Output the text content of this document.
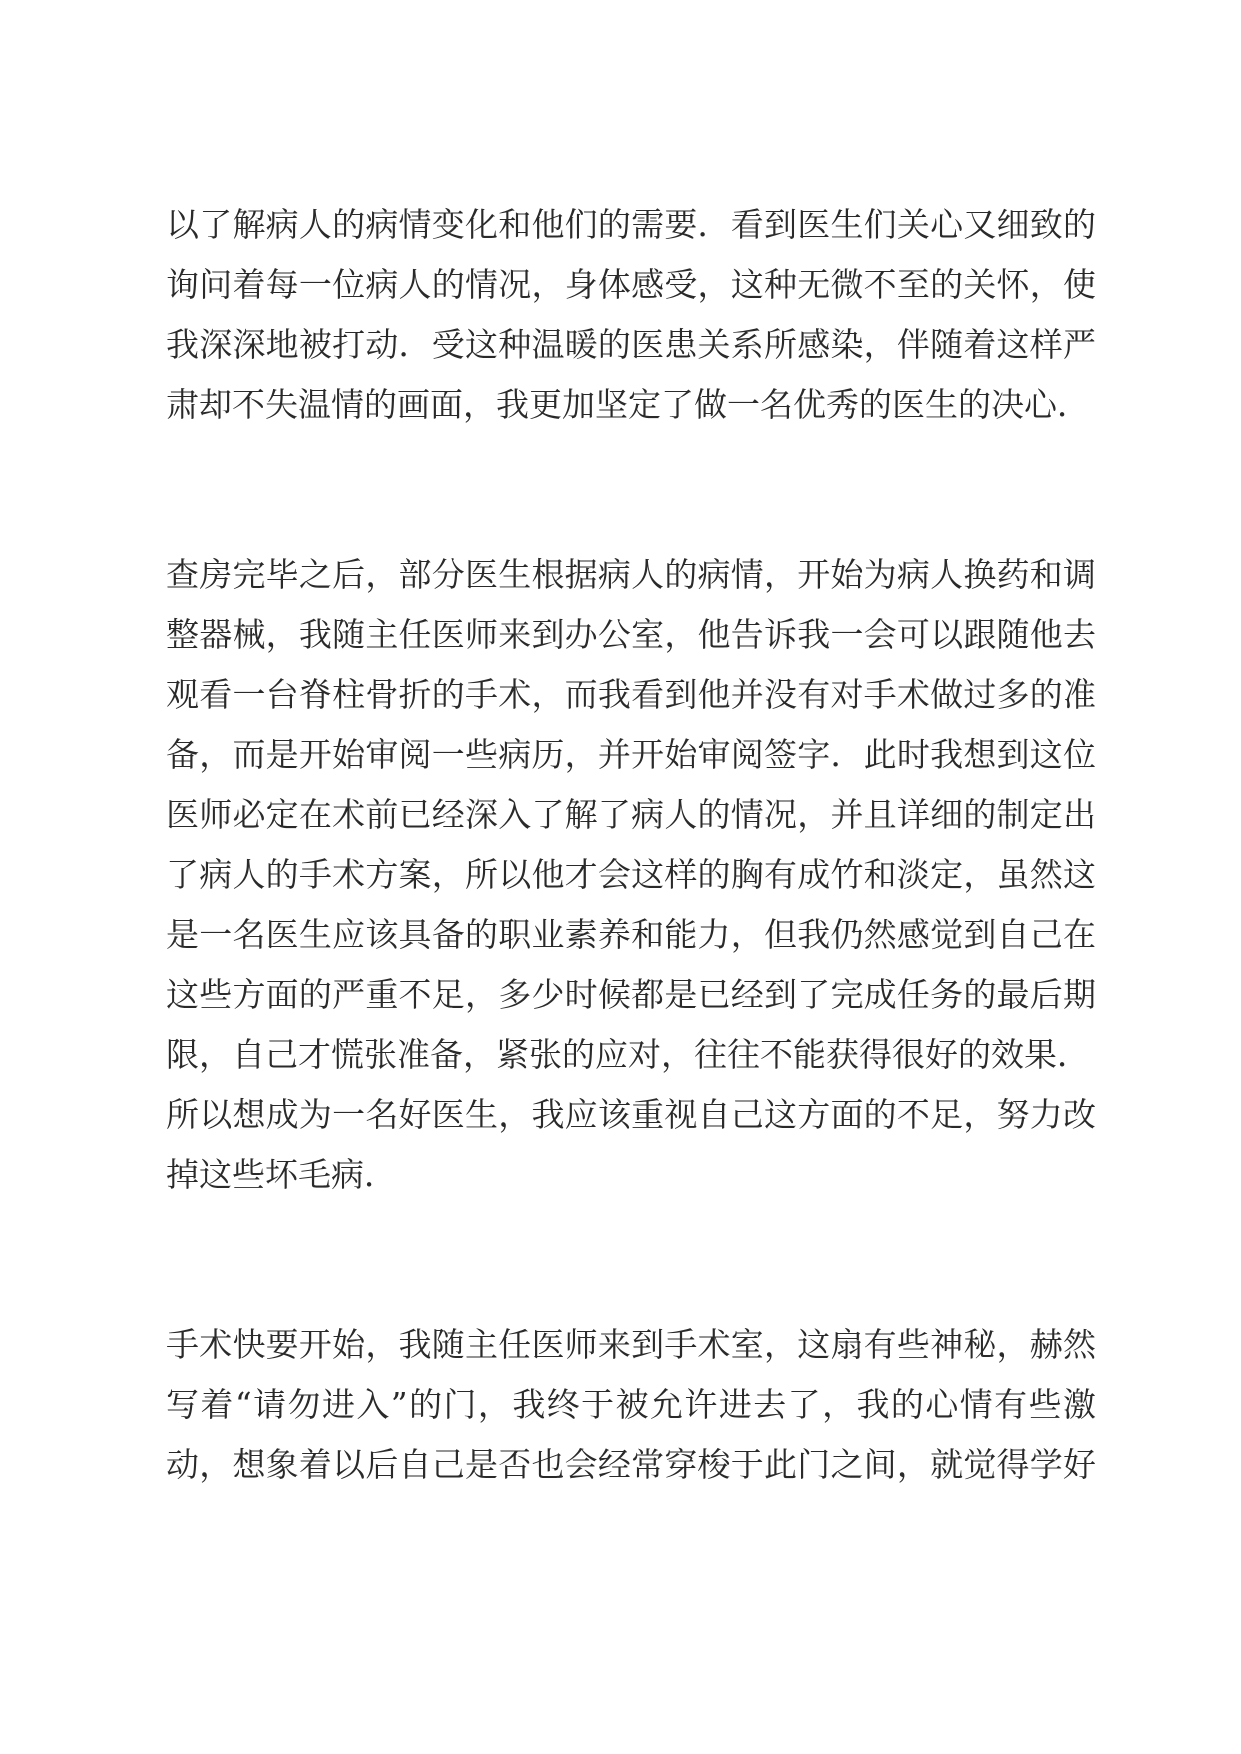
以了解病人的病情变化和他们的需要．看到医生们关心又细致的
询问着每一位病人的情况，身体感受，这种无微不至的关怀，使
我深深地被打动．受这种温暖的医患关系所感染，伴随着这样严
肃却不失温情的画面，我更加坚定了做一名优秀的医生的决心．
查房完毕之后，部分医生根据病人的病情，开始为病人换药和调
整器械，我随主任医师来到办公室，他告诉我一会可以跟随他去
观看一台脊柱骨折的手术，而我看到他并没有对手术做过多的准
备，而是开始审阅一些病历，并开始审阅签字．此时我想到这位
医师必定在术前已经深入了解了病人的情况，并且详细的制定出
了病人的手术方案，所以他才会这样的胸有成竹和淡定，虽然这
是一名医生应该具备的职业素养和能力，但我仍然感觉到自己在
这些方面的严重不足，多少时候都是已经到了完成任务的最后期
限，自己才慌张准备，紧张的应对，往往不能获得很好的效果．
所以想成为一名好医生，我应该重视自己这方面的不足，努力改
掉这些坏毛病．
手术快要开始，我随主任医师来到手术室，这扇有些神秘，赫然
写着“请勿进入”的门，我终于被允许进去了，我的心情有些激
动，想象着以后自己是否也会经常穿梭于此门之间，就觉得学好
